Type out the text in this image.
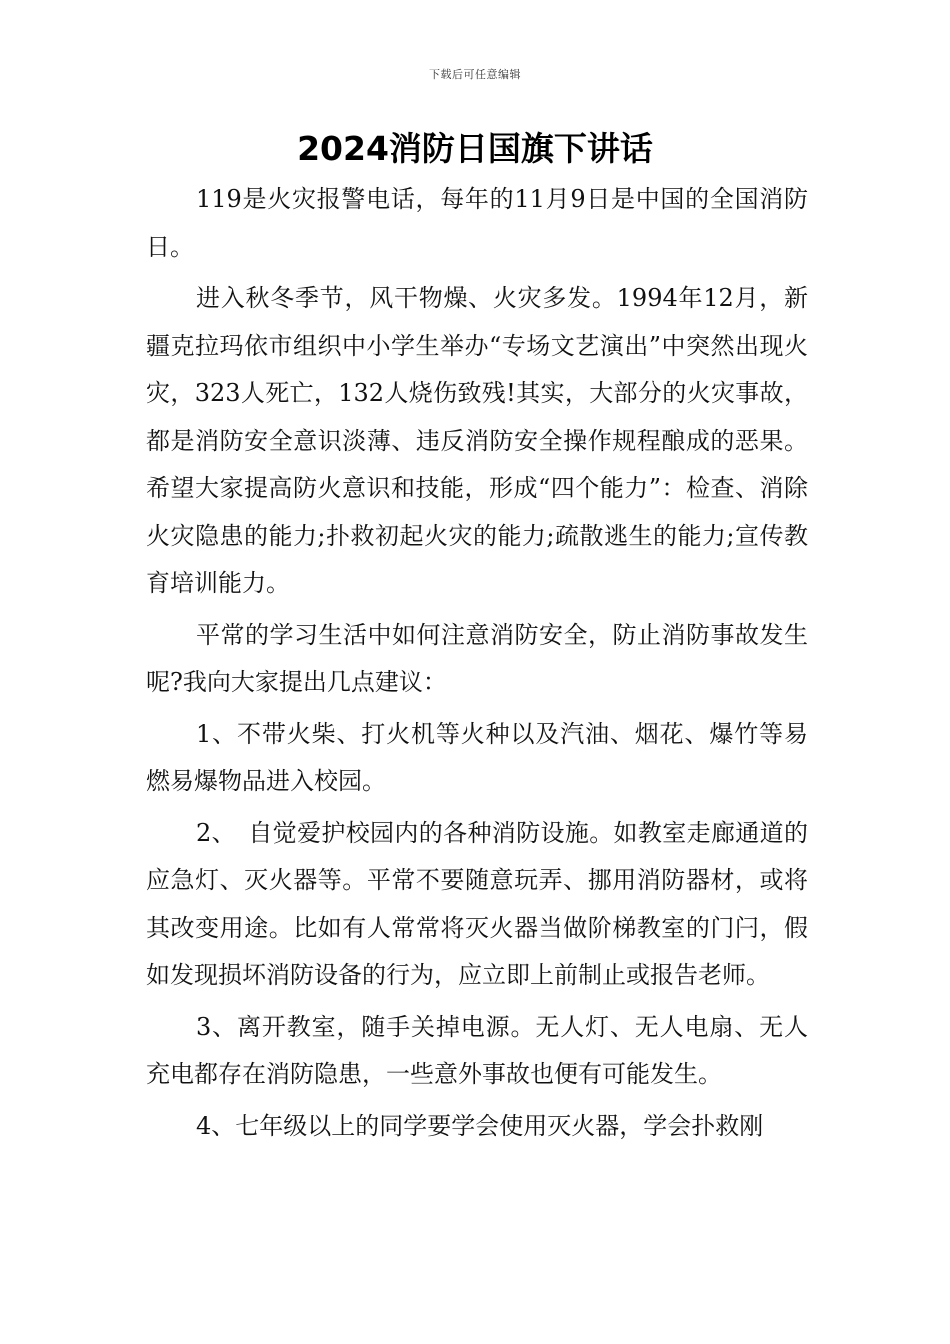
下载后可任意编辑
2024消防日国旗下讲话

119是火灾报警电话，每年的11月9日是中国的全国消防日。

进入秋冬季节，风干物燥、火灾多发。1994年12月，新疆克拉玛依市组织中小学生举办“专场文艺演出”中突然出现火灾，323人死亡，132人烧伤致残!其实，大部分的火灾事故，都是消防安全意识淡薄、违反消防安全操作规程酿成的恶果。希望大家提高防火意识和技能，形成“四个能力”：检查、消除火灾隐患的能力;扑救初起火灾的能力;疏散逃生的能力;宣传教育培训能力。

平常的学习生活中如何注意消防安全，防止消防事故发生呢?我向大家提出几点建议：

1、不带火柴、打火机等火种以及汽油、烟花、爆竹等易燃易爆物品进入校园。

2、　自觉爱护校园内的各种消防设施。如教室走廊通道的应急灯、灭火器等。平常不要随意玩弄、挪用消防器材，或将其改变用途。比如有人常常将灭火器当做阶梯教室的门闩，假如发现损坏消防设备的行为，应立即上前制止或报告老师。

3、离开教室，随手关掉电源。无人灯、无人电扇、无人充电都存在消防隐患，一些意外事故也便有可能发生。

4、七年级以上的同学要学会使用灭火器，学会扑救刚
